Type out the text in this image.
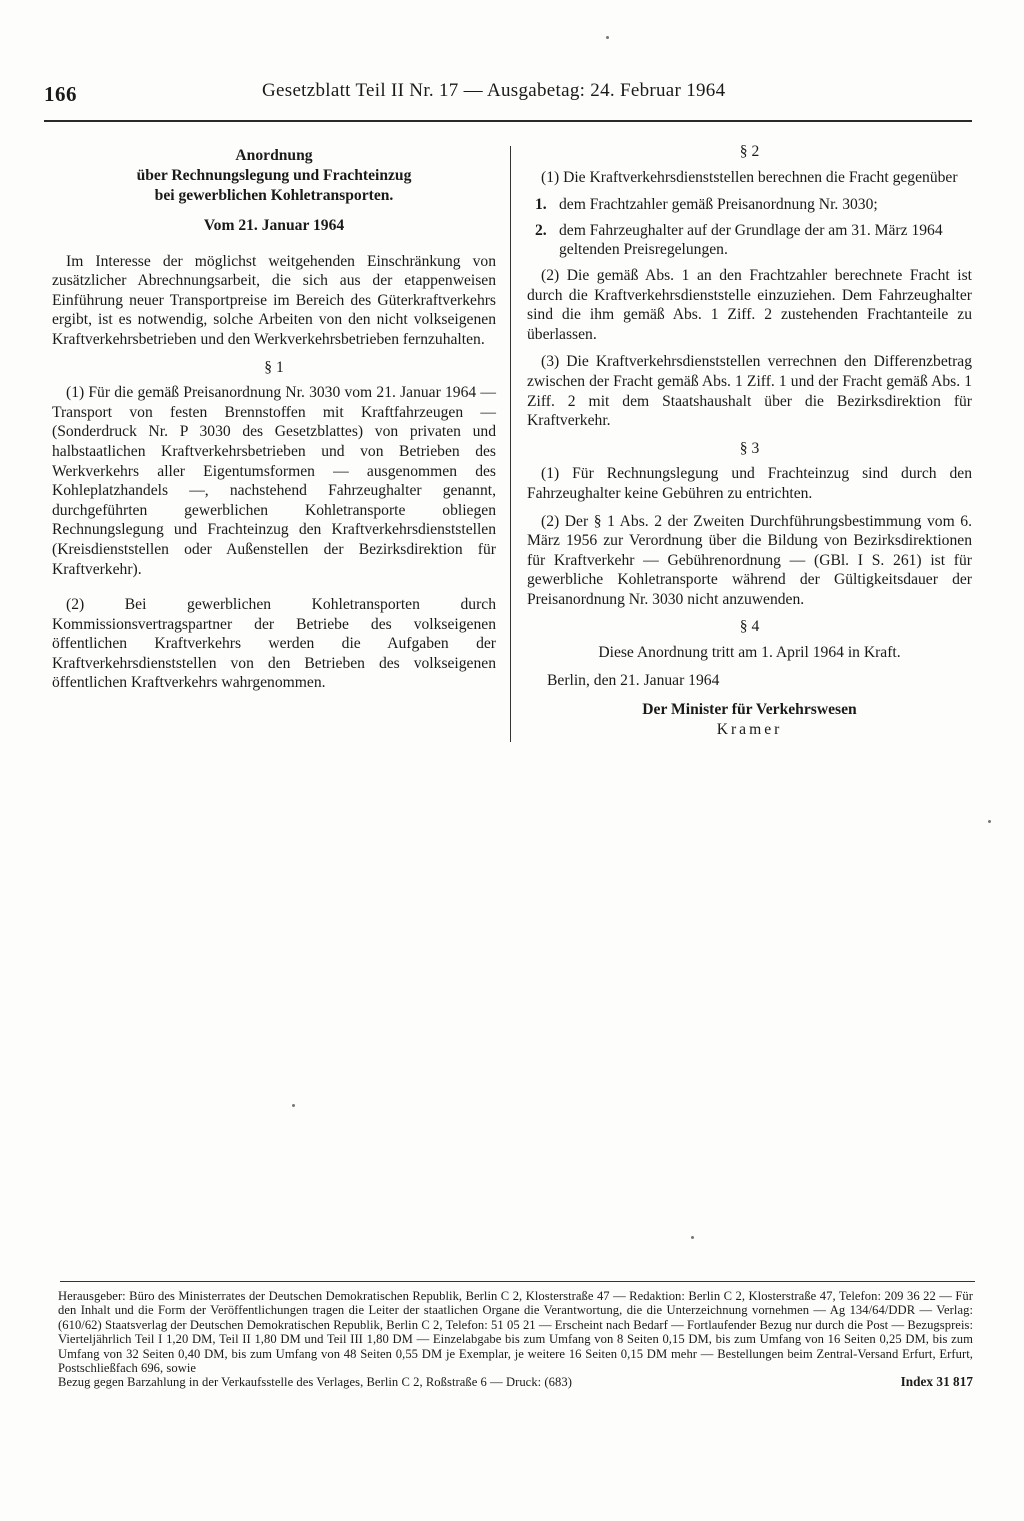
166	Gesetzblatt Teil II Nr. 17 — Ausgabetag: 24. Februar 1964
Anordnung
über Rechnungslegung und Frachteinzug
bei gewerblichen Kohletransporten.
Vom 21. Januar 1964

Im Interesse der möglichst weitgehenden Einschränkung von zusätzlicher Abrechnungsarbeit, die sich aus der etappenweisen Einführung neuer Transportpreise im Bereich des Güterkraftverkehrs ergibt, ist es notwendig, solche Arbeiten von den nicht volkseigenen Kraftverkehrsbetrieben und den Werkverkehrsbetrieben fernzuhalten.

§ 1

(1) Für die gemäß Preisanordnung Nr. 3030 vom 21. Januar 1964 — Transport von festen Brennstoffen mit Kraftfahrzeugen — (Sonderdruck Nr. P 3030 des Gesetzblattes) von privaten und halbstaatlichen Kraftverkehrsbetrieben und von Betrieben des Werkverkehrs aller Eigentumsformen — ausgenommen des Kohleplatzhandels —, nachstehend Fahrzeughalter genannt, durchgeführten gewerblichen Kohletransporte obliegen Rechnungslegung und Frachteinzug den Kraftverkehrsdienststellen (Kreisdienststellen oder Außenstellen der Bezirksdirektion für Kraftverkehr).

(2) Bei gewerblichen Kohletransporten durch Kommissionsvertragspartner der Betriebe des volkseigenen öffentlichen Kraftverkehrs werden die Aufgaben der Kraftverkehrsdienststellen von den Betrieben des volkseigenen öffentlichen Kraftverkehrs wahrgenommen.

§ 2

(1) Die Kraftverkehrsdienststellen berechnen die Fracht gegenüber

1. dem Frachtzahler gemäß Preisanordnung Nr. 3030;
2. dem Fahrzeughalter auf der Grundlage der am 31. März 1964 geltenden Preisregelungen.

(2) Die gemäß Abs. 1 an den Frachtzahler berechnete Fracht ist durch die Kraftverkehrsdienststelle einzuziehen. Dem Fahrzeughalter sind die ihm gemäß Abs. 1 Ziff. 2 zustehenden Frachtanteile zu überlassen.

(3) Die Kraftverkehrsdienststellen verrechnen den Differenzbetrag zwischen der Fracht gemäß Abs. 1 Ziff. 1 und der Fracht gemäß Abs. 1 Ziff. 2 mit dem Staatshaushalt über die Bezirksdirektion für Kraftverkehr.

§ 3

(1) Für Rechnungslegung und Frachteinzug sind durch den Fahrzeughalter keine Gebühren zu entrichten.

(2) Der § 1 Abs. 2 der Zweiten Durchführungsbestimmung vom 6. März 1956 zur Verordnung über die Bildung von Bezirksdirektionen für Kraftverkehr — Gebührenordnung — (GBl. I S. 261) ist für gewerbliche Kohletransporte während der Gültigkeitsdauer der Preisanordnung Nr. 3030 nicht anzuwenden.

§ 4
Diese Anordnung tritt am 1. April 1964 in Kraft.
Berlin, den 21. Januar 1964
Der Minister für Verkehrswesen
Kramer
Herausgeber: Büro des Ministerrates der Deutschen Demokratischen Republik, Berlin C 2, Klosterstraße 47 — Redaktion: Berlin C 2, Klosterstraße 47, Telefon: 209 36 22 — Für den Inhalt und die Form der Veröffentlichungen tragen die Leiter der staatlichen Organe die Verantwortung, die die Unterzeichnung vornehmen — Ag 134/64/DDR — Verlag: (610/62) Staatsverlag der Deutschen Demokratischen Republik, Berlin C 2, Telefon: 51 05 21 — Erscheint nach Bedarf — Fortlaufender Bezug nur durch die Post — Bezugspreis: Vierteljährlich Teil I 1,20 DM, Teil II 1,80 DM und Teil III 1,80 DM — Einzelabgabe bis zum Umfang von 8 Seiten 0,15 DM, bis zum Umfang von 16 Seiten 0,25 DM, bis zum Umfang von 32 Seiten 0,40 DM, bis zum Umfang von 48 Seiten 0,55 DM je Exemplar, je weitere 16 Seiten 0,15 DM mehr — Bestellungen beim Zentral-Versand Erfurt, Erfurt, Postschließfach 696, sowie
Bezug gegen Barzahlung in der Verkaufsstelle des Verlages, Berlin C 2, Roßstraße 6 — Druck: (683)	Index 31 817
